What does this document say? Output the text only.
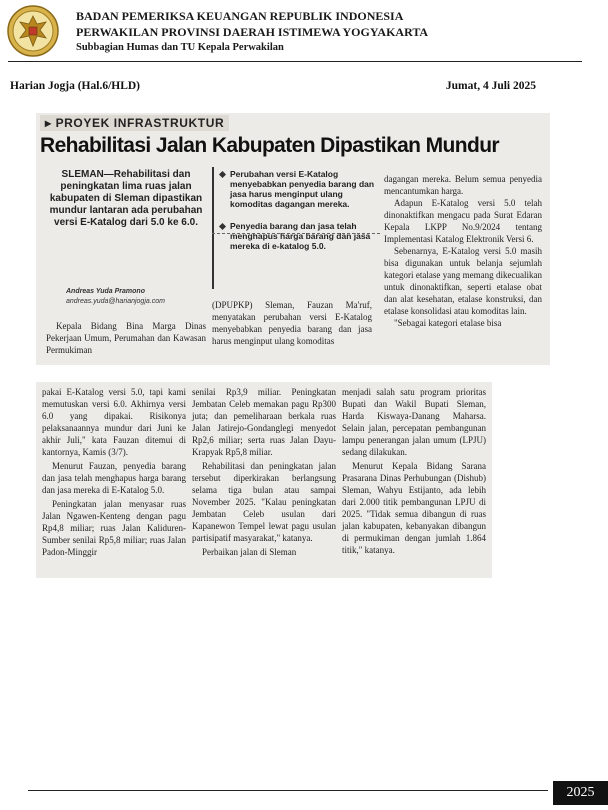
BADAN PEMERIKSA KEUANGAN REPUBLIK INDONESIA
PERWAKILAN PROVINSI DAERAH ISTIMEWA YOGYAKARTA
Subbagian Humas dan TU Kepala Perwakilan
Harian Jogja (Hal.6/HLD)	Jumat, 4 Juli 2025
▸ PROYEK INFRASTRUKTUR
Rehabilitasi Jalan Kabupaten Dipastikan Mundur
SLEMAN—Rehabilitasi dan peningkatan lima ruas jalan kabupaten di Sleman dipastikan mundur lantaran ada perubahan versi E-Katalog dari 5.0 ke 6.0.
Andreas Yuda Pramono
andreas.yuda@harianjogja.com

Kepala Bidang Bina Marga Dinas Pekerjaan Umum, Perumahan dan Kawasan Permukiman

Perubahan versi E-Katalog menyebabkan penyedia barang dan jasa harus menginput ulang komoditas dagangan mereka.
Penyedia barang dan jasa telah menghapus harga barang dan jasa mereka di e-katalog 5.0.

(DPUPKP) Sleman, Fauzan Ma'ruf, menyatakan perubahan versi E-Katalog menyebabkan penyedia barang dan jasa harus menginput ulang komoditas

dagangan mereka. Belum semua penyedia mencantumkan harga.

Adapun E-Katalog versi 5.0 telah dinonaktifkan mengacu pada Surat Edaran Kepala LKPP No.9/2024 tentang Implementasi Katalog Elektronik Versi 6.

Sebenarnya, E-Katalog versi 5.0 masih bisa digunakan untuk belanja sejumlah kategori etalase yang memang dikecualikan untuk dinonaktifkan, seperti etalase obat dan alat kesehatan, etalase konstruksi, dan etalase konsolidasi atau komoditas lain.

"Sebagai kategori etalase bisa

pakai E-Katalog versi 5.0, tapi kami memutuskan versi 6.0. Akhirnya versi 6.0 yang dipakai. Risikonya pelaksanaannya mundur dari Juni ke akhir Juli," kata Fauzan ditemui di kantornya, Kamis (3/7).

Menurut Fauzan, penyedia barang dan jasa telah menghapus harga barang dan jasa mereka di E-Katalog 5.0.

Peningkatan jalan menyasar ruas Jalan Ngawen-Kenteng dengan pagu Rp4,8 miliar; ruas Jalan Kaliduren-Sumber senilai Rp5,8 miliar; ruas Jalan Padon-Minggir

senilai Rp3,9 miliar. Peningkatan Jembatan Celeb memakan pagu Rp300 juta; dan pemeliharaan berkala ruas Jalan Jatirejo-Gondanglegi menyedot Rp2,6 miliar; serta ruas Jalan Dayu-Krapyak Rp5,8 miliar.

Rehabilitasi dan peningkatan jalan tersebut diperkirakan berlangsung selama tiga bulan atau sampai November 2025. "Kalau peningkatan Jembatan Celeb usulan dari Kapanewon Tempel lewat pagu usulan partisipatif masyarakat," katanya.

Perbaikan jalan di Sleman

menjadi salah satu program prioritas Bupati dan Wakil Bupati Sleman, Harda Kiswaya-Danang Maharsa. Selain jalan, percepatan pembangunan lampu penerangan jalan umum (LPJU) sedang dilakukan.

Menurut Kepala Bidang Sarana Prasarana Dinas Perhubungan (Dishub) Sleman, Wahyu Estijanto, ada lebih dari 2.000 titik pembangunan LPJU di 2025. "Tidak semua dibangun di ruas jalan kabupaten, kebanyakan dibangun di permukiman dengan jumlah 1.864 titik," katanya.

2025
